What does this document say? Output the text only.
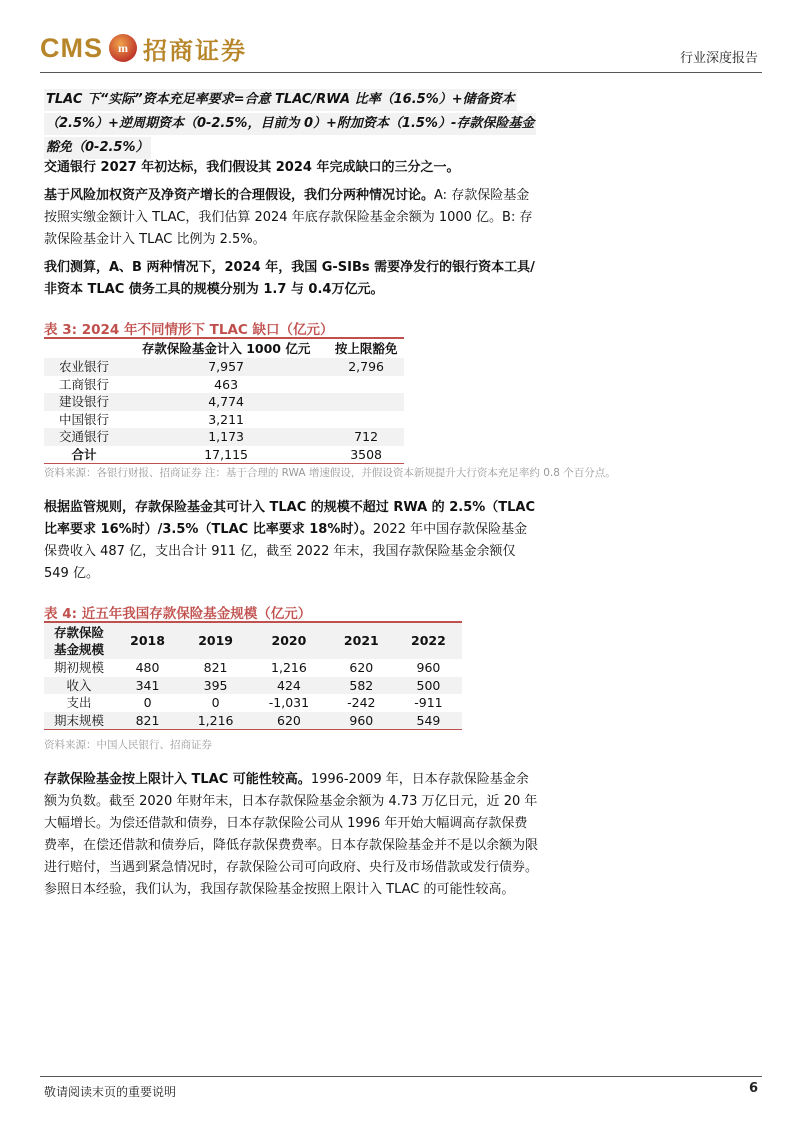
CMS m 招商证券	行业深度报告
TLAC 下“实际”资本充足率要求=合意 TLAC/RWA 比率（16.5%）+储备资本 （2.5%）+逆周期资本（0-2.5%，目前为 0）+附加资本（1.5%）-存款保险基金 豁免（0-2.5%）

交通银行 2027 年初达标，我们假设其 2024 年完成缺口的三分之一。

基于风险加权资产及净资产增长的合理假设，我们分两种情况讨论。A: 存款保险基金按照实缴金额计入 TLAC，我们估算 2024 年底存款保险基金余额为 1000 亿。B: 存款保险基金计入 TLAC 比例为 2.5%。

我们测算，A、B 两种情况下，2024 年，我国 G-SIBs 需要净发行的银行资本工具/非资本 TLAC 债务工具的规模分别为 1.7 与 0.4万亿元。

表 3: 2024 年不同情形下 TLAC 缺口（亿元）
	存款保险基金计入 1000 亿元	按上限豁免
农业银行	7,957	2,796
工商银行	463	
建设银行	4,774	
中国银行	3,211	
交通银行	1,173	712
合计	17,115	3508
资料来源：各银行财报、招商证券 注：基于合理的 RWA 增速假设，并假设资本新规提升大行资本充足率约 0.8 个百分点。

根据监管规则，存款保险基金其可计入 TLAC 的规模不超过 RWA 的 2.5%（TLAC 比率要求 16%时）/3.5%（TLAC 比率要求 18%时）。2022 年中国存款保险基金保费收入 487 亿，支出合计 911 亿，截至 2022 年末，我国存款保险基金余额仅 549 亿。

表 4: 近五年我国存款保险基金规模（亿元）
存款保险
基金规模	2018	2019	2020	2021	2022
期初规模	480	821	1,216	620	960
收入	341	395	424	582	500
支出	0	0	-1,031	-242	-911
期末规模	821	1,216	620	960	549
资料来源：中国人民银行、招商证券

存款保险基金按上限计入 TLAC 可能性较高。1996-2009 年，日本存款保险基金余额为负数。截至 2020 年财年末，日本存款保险基金余额为 4.73 万亿日元，近 20 年大幅增长。为偿还借款和债券，日本存款保险公司从 1996 年开始大幅调高存款保费费率，在偿还借款和债券后，降低存款保费费率。日本存款保险基金并不是以余额为限进行赔付，当遇到紧急情况时，存款保险公司可向政府、央行及市场借款或发行债券。参照日本经验，我们认为，我国存款保险基金按照上限计入 TLAC 的可能性较高。

敬请阅读末页的重要说明	6
